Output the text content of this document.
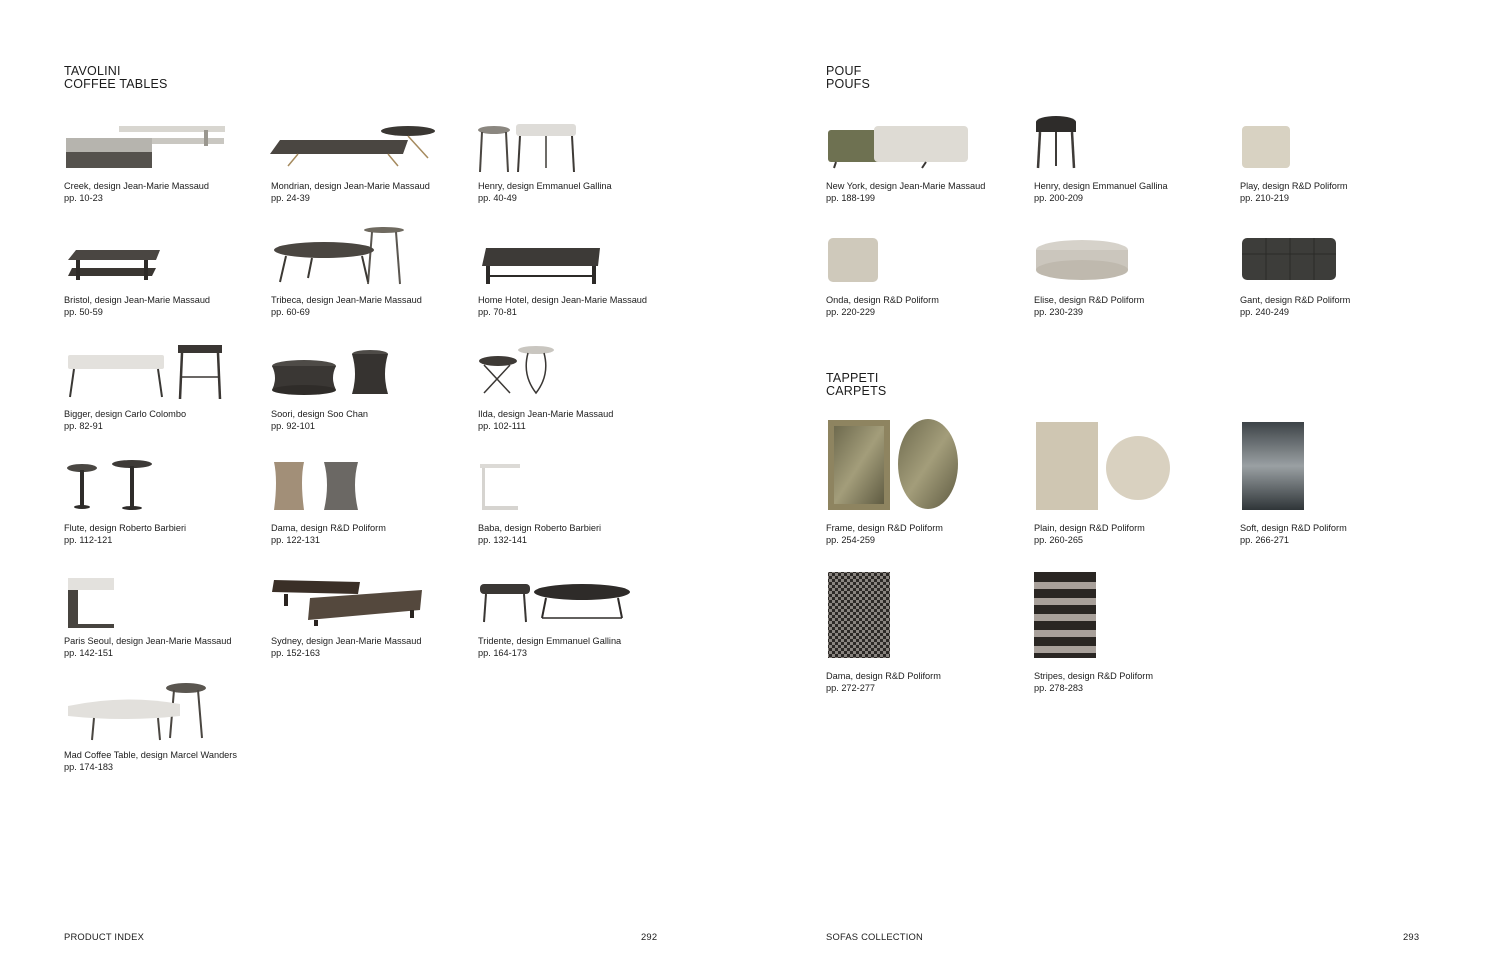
TAVOLINI
COFFEE TABLES
Creek, design Jean-Marie Massaud
pp. 10-23
Mondrian, design Jean-Marie Massaud
pp. 24-39
Henry, design Emmanuel Gallina
pp. 40-49
Bristol, design Jean-Marie Massaud
pp. 50-59
Tribeca, design Jean-Marie Massaud
pp. 60-69
Home Hotel, design Jean-Marie Massaud
pp. 70-81
Bigger, design Carlo Colombo
pp. 82-91
Soori, design Soo Chan
pp. 92-101
Ilda, design Jean-Marie Massaud
pp. 102-111
Flute, design Roberto Barbieri
pp. 112-121
Dama, design R&D Poliform
pp. 122-131
Baba, design Roberto Barbieri
pp. 132-141
Paris Seoul, design Jean-Marie Massaud
pp. 142-151
Sydney, design Jean-Marie Massaud
pp. 152-163
Tridente, design Emmanuel Gallina
pp. 164-173
Mad Coffee Table, design Marcel Wanders
pp. 174-183
PRODUCT INDEX	292
POUF
POUFS
New York, design Jean-Marie Massaud
pp. 188-199
Henry, design Emmanuel Gallina
pp. 200-209
Play, design R&D Poliform
pp. 210-219
Onda, design R&D Poliform
pp. 220-229
Elise, design R&D Poliform
pp. 230-239
Gant, design R&D Poliform
pp. 240-249
TAPPETI
CARPETS
Frame, design R&D Poliform
pp. 254-259
Plain, design R&D Poliform
pp. 260-265
Soft, design R&D Poliform
pp. 266-271
Dama, design R&D Poliform
pp. 272-277
Stripes, design R&D Poliform
pp. 278-283
SOFAS COLLECTION	293
